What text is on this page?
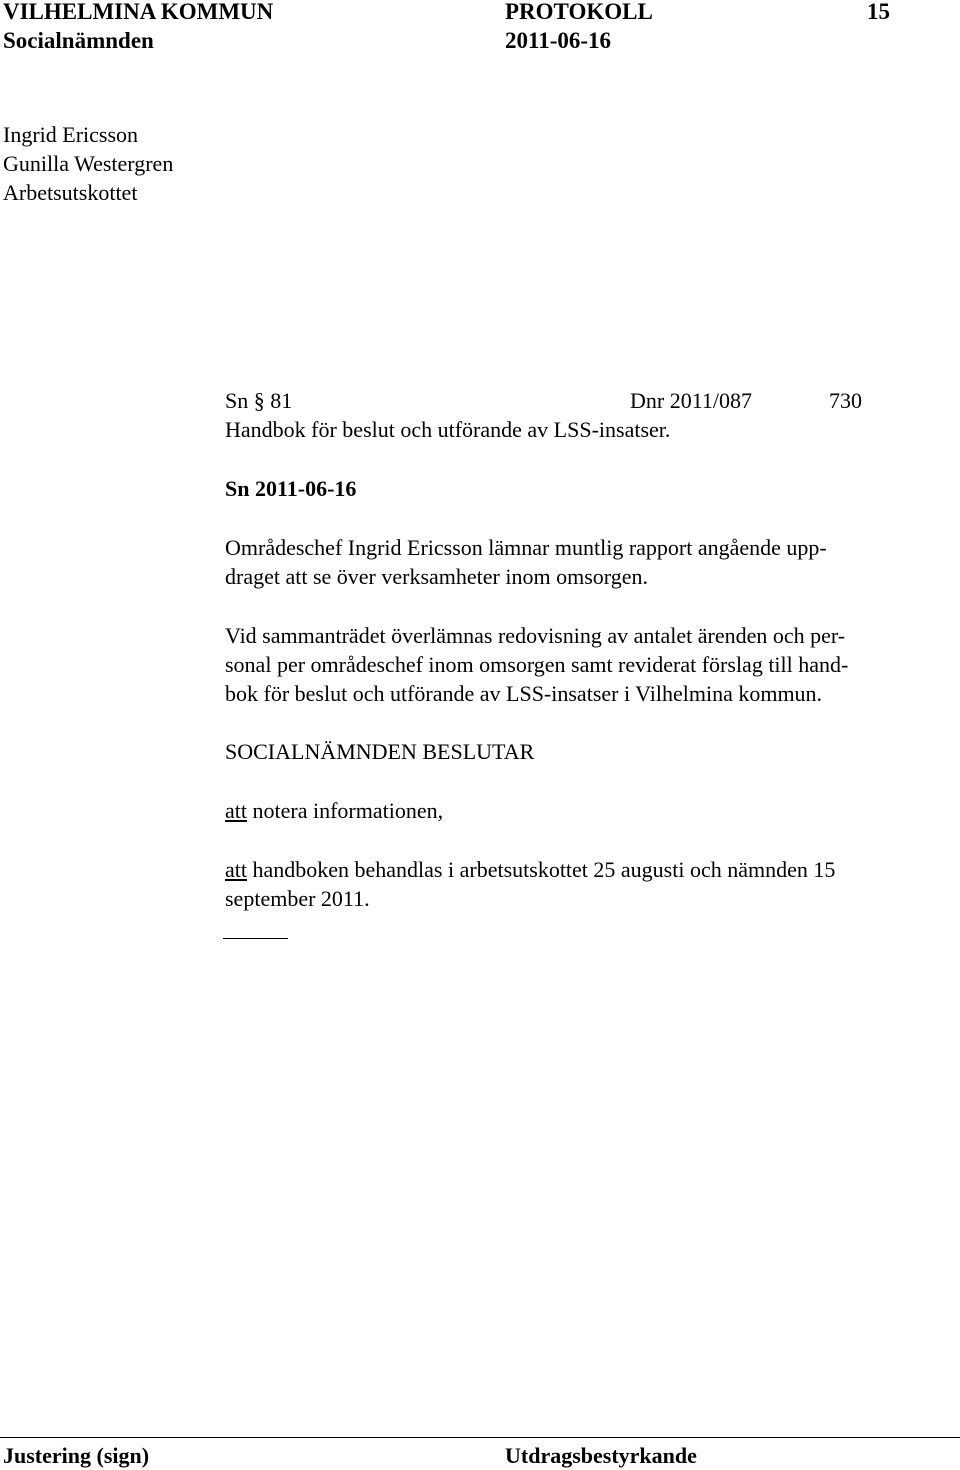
VILHELMINA KOMMUN	PROTOKOLL	15
Socialnämnden	2011-06-16
Ingrid Ericsson
Gunilla Westergren
Arbetsutskottet
Sn § 81	Dnr 2011/087	730
Handbok för beslut och utförande av LSS-insatser.
Sn 2011-06-16
Områdeschef Ingrid Ericsson lämnar muntlig rapport angående upp-
draget att se över verksamheter inom omsorgen.
Vid sammanträdet överlämnas redovisning av antalet ärenden och per-
sonal per områdeschef inom omsorgen samt reviderat förslag till hand-
bok för beslut och utförande av LSS-insatser i Vilhelmina kommun.
SOCIALNÄMNDEN BESLUTAR
att notera informationen,
att handboken behandlas i arbetsutskottet 25 augusti och nämnden 15
september 2011.
Justering (sign)	Utdragsbestyrkande
